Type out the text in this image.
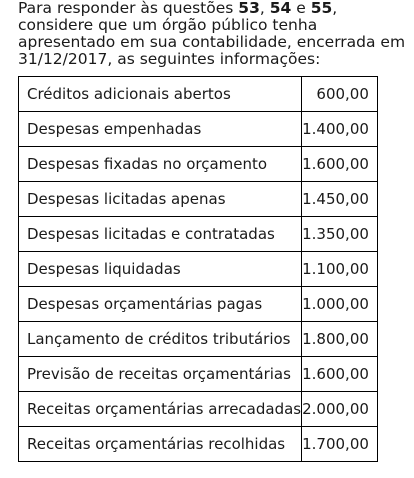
Para responder às questões 53, 54 e 55, considere que um órgão público tenha apresentado em sua contabilidade, encerrada em 31/12/2017, as seguintes informações:
Créditos adicionais abertos	600,00
Despesas empenhadas	1.400,00
Despesas fixadas no orçamento	1.600,00
Despesas licitadas apenas	1.450,00
Despesas licitadas e contratadas	1.350,00
Despesas liquidadas	1.100,00
Despesas orçamentárias pagas	1.000,00
Lançamento de créditos tributários	1.800,00
Previsão de receitas orçamentárias	1.600,00
Receitas orçamentárias arrecadadas	2.000,00
Receitas orçamentárias recolhidas	1.700,00
